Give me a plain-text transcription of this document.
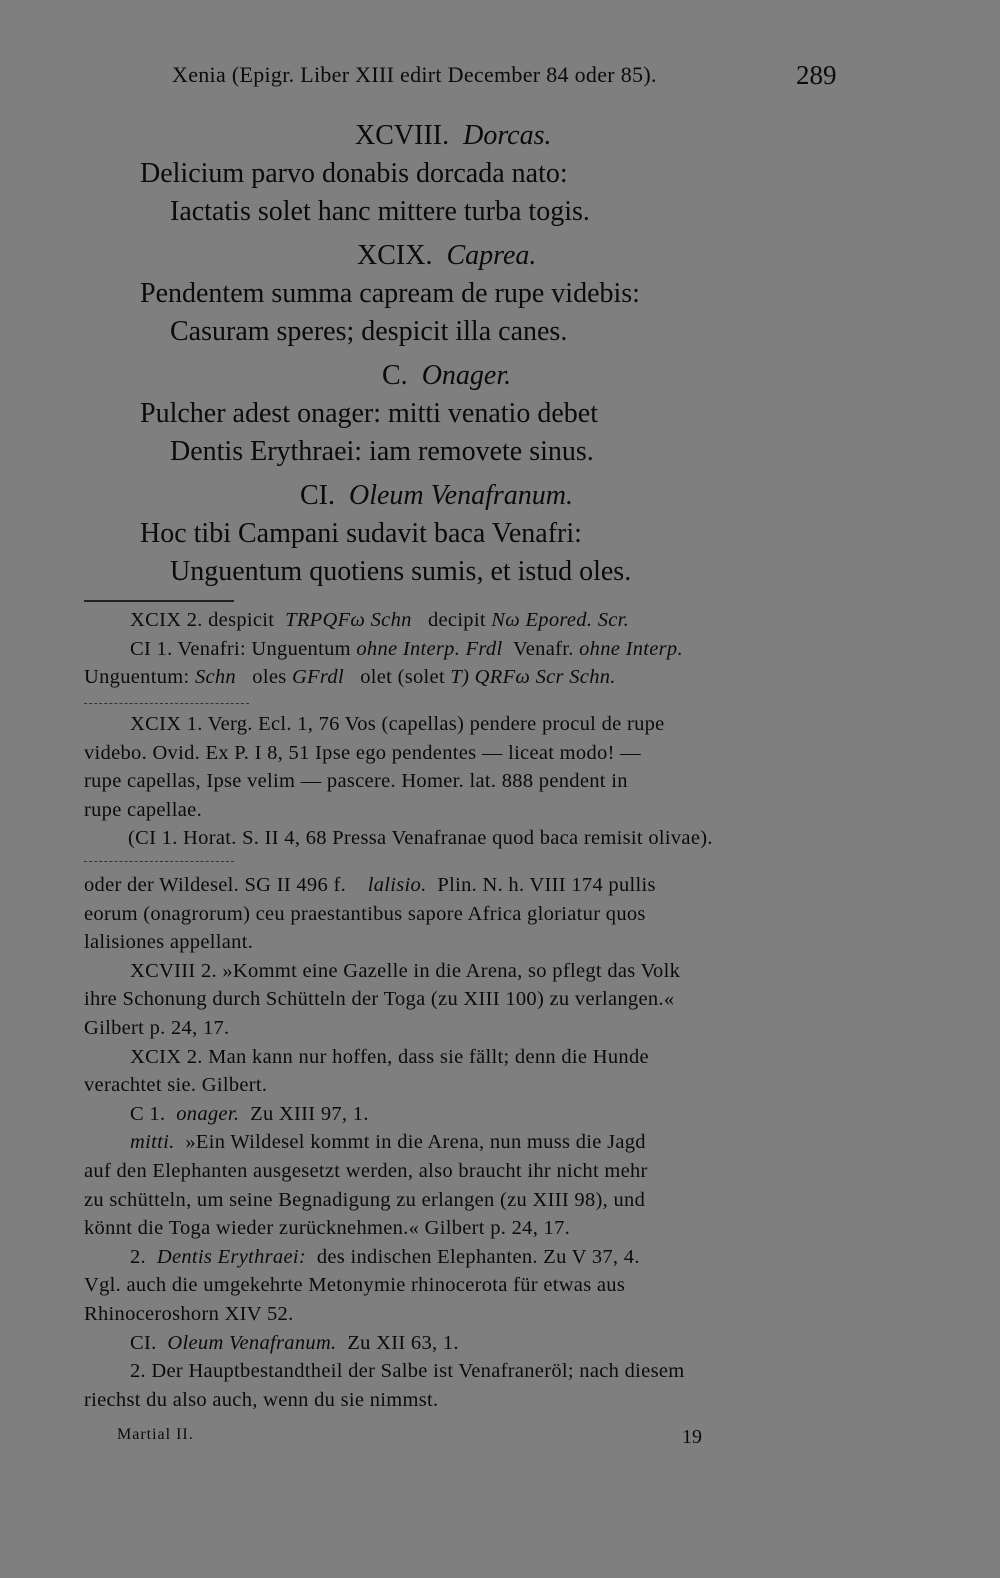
Xenia (Epigr. Liber XIII edirt December 84 oder 85).	289
XCVIII. Dorcas.
Delicium parvo donabis dorcada nato:
Iactatis solet hanc mittere turba togis.
XCIX. Caprea.
Pendentem summa capream de rupe videbis:
Casuram speres; despicit illa canes.
C. Onager.
Pulcher adest onager: mitti venatio debet
Dentis Erythraei: iam removete sinus.
CI. Oleum Venafranum.
Hoc tibi Campani sudavit baca Venafri:
Unguentum quotiens sumis, et istud oles.
XCIX 2. despicit TRPQFω Schn decipit Nω Epored. Scr.
CI 1. Venafri: Unguentum ohne Interp. Frdl Venafr. ohne Interp.
Unguentum: Schn oles GFrdl olet (solet T) QRFω Scr Schn.
XCIX 1. Verg. Ecl. 1, 76 Vos (capellas) pendere procul de rupe
videbo. Ovid. Ex P. I 8, 51 Ipse ego pendentes — liceat modo! —
rupe capellas, Ipse velim — pascere. Homer. lat. 888 pendent in
rupe capellae.
(CI 1. Horat. S. II 4, 68 Pressa Venafranae quod baca remisit olivae).
oder der Wildesel. SG II 496 f. lalisio. Plin. N. h. VIII 174 pullis
eorum (onagrorum) ceu praestantibus sapore Africa gloriatur quos
lalisiones appellant.
XCVIII 2. »Kommt eine Gazelle in die Arena, so pflegt das Volk
ihre Schonung durch Schütteln der Toga (zu XIII 100) zu verlangen.«
Gilbert p. 24, 17.
XCIX 2. Man kann nur hoffen, dass sie fällt; denn die Hunde
verachtet sie. Gilbert.
C 1. onager. Zu XIII 97, 1.
mitti. »Ein Wildesel kommt in die Arena, nun muss die Jagd
auf den Elephanten ausgesetzt werden, also braucht ihr nicht mehr
zu schütteln, um seine Begnadigung zu erlangen (zu XIII 98), und
könnt die Toga wieder zurücknehmen.« Gilbert p. 24, 17.
2. Dentis Erythraei: des indischen Elephanten. Zu V 37, 4.
Vgl. auch die umgekehrte Metonymie rhinocerota für etwas aus
Rhinoceroshorn XIV 52.
CI. Oleum Venafranum. Zu XII 63, 1.
2. Der Hauptbestandtheil der Salbe ist Venafraneröl; nach diesem
riechst du also auch, wenn du sie nimmst.
Martial II.	19
